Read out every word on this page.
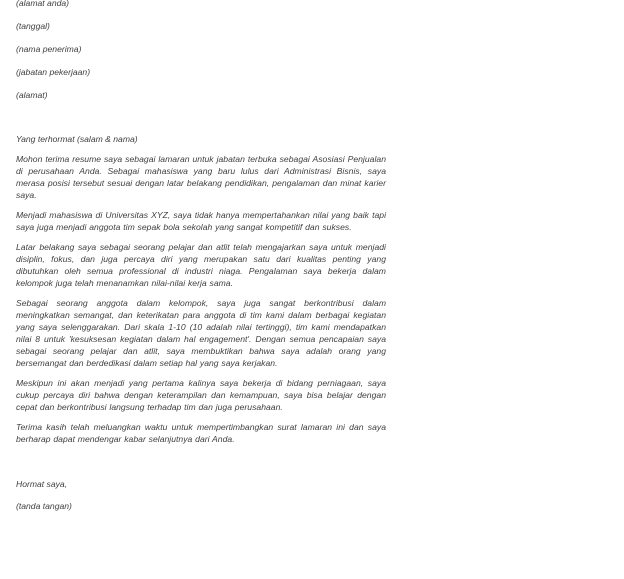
(alamat anda)
(tanggal)
(nama penerima)
(jabatan pekerjaan)
(alamat)
Yang terhormat (salam & nama)

Mohon terima resume saya sebagai lamaran untuk jabatan terbuka sebagai Asosiasi Penjualan di perusahaan Anda. Sebagai mahasiswa yang baru lulus dari Administrasi Bisnis, saya merasa posisi tersebut sesuai dengan latar belakang pendidikan, pengalaman dan minat karier saya.

Menjadi mahasiswa di Universitas XYZ, saya tidak hanya mempertahankan nilai yang baik tapi saya juga menjadi anggota tim sepak bola sekolah yang sangat kompetitif dan sukses.

Latar belakang saya sebagai seorang pelajar dan atlit telah mengajarkan saya untuk menjadi disiplin, fokus, dan juga percaya diri yang merupakan satu dari kualitas penting yang dibutuhkan oleh semua professional di industri niaga. Pengalaman saya bekerja dalam kelompok juga telah menanamkan nilai-nilai kerja sama.

Sebagai seorang anggota dalam kelompok, saya juga sangat berkontribusi dalam meningkatkan semangat, dan keterikatan para anggota di tim kami dalam berbagai kegiatan yang saya selenggarakan. Dari skala 1-10 (10 adalah nilai tertinggi), tim kami mendapatkan nilai 8 untuk 'kesuksesan kegiatan dalam hal engagement'. Dengan semua pencapaian saya sebagai seorang pelajar dan atlit, saya membuktikan bahwa saya adalah orang yang bersemangat dan berdedikasi dalam setiap hal yang saya kerjakan.

Meskipun ini akan menjadi yang pertama kalinya saya bekerja di bidang perniagaan, saya cukup percaya diri bahwa dengan keterampilan dan kemampuan, saya bisa belajar dengan cepat dan berkontribusi langsung terhadap tim dan juga perusahaan.

Terima kasih telah meluangkan waktu untuk mempertimbangkan surat lamaran ini dan saya berharap dapat mendengar kabar selanjutnya dari Anda.

Hormat saya,
(tanda tangan)
